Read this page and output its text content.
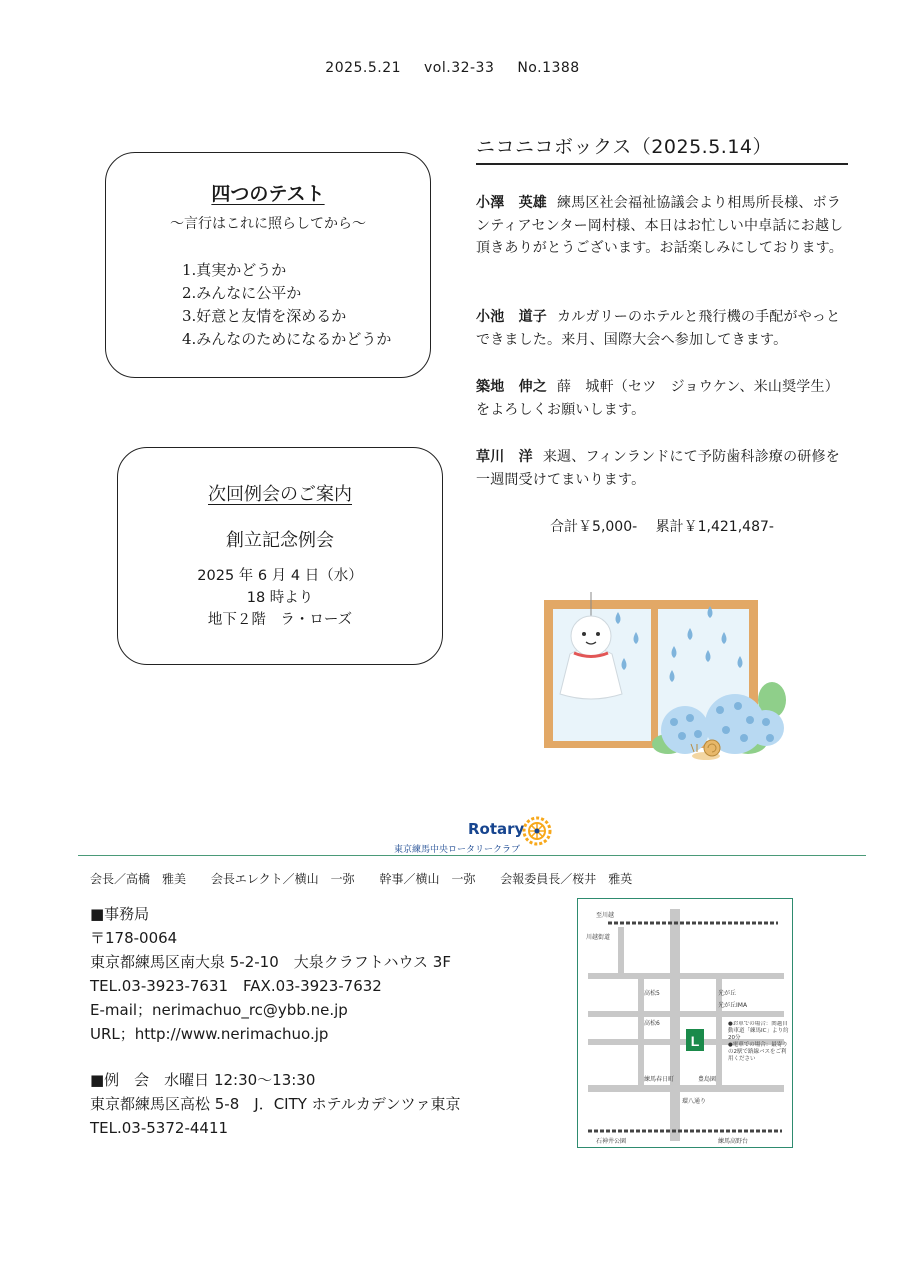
2025.5.21 vol.32-33 No.1388
四つのテスト
～言行はこれに照らしてから～
1.真実かどうか
2.みんなに公平か
3.好意と友情を深めるか
4.みんなのためになるかどうか
次回例会のご案内
創立記念例会
2025 年 6 月 4 日（水）
18 時より
地下２階　ラ・ローズ
ニコニコボックス（2025.5.14）
小澤　英雄 練馬区社会福祉協議会より相馬所長様、ボランティアセンター岡村様、本日はお忙しい中卓話にお越し頂きありがとうございます。お話楽しみにしております。
小池　道子 カルガリーのホテルと飛行機の手配がやっとできました。来月、国際大会へ参加してきます。
築地　伸之 薛　城軒（セツ　ジョウケン、米山奨学生）をよろしくお願いします。
草川　洋 来週、フィンランドにて予防歯科診療の研修を一週間受けてまいります。
合計￥5,000-　 累計￥1,421,487-
Rotary
東京練馬中央ロータリークラブ
会長／高橋　雅美 会長エレクト／横山　一弥 幹事／横山　一弥 会報委員長／桜井　雅英
■事務局
〒178-0064
東京都練馬区南大泉 5-2-10　大泉クラフトハウス 3F
TEL.03-3923-7631　FAX.03-3923-7632
E-mail；nerimachuo_rc@ybb.ne.jp
URL；http://www.nerimachuo.jp
■例　会　水曜日 12:30～13:30
東京都練馬区高松 5-8　J．CITY ホテルカデンツァ東京
TEL.03-5372-4411
L
川越街道
至川越
高松5
高松6
光が丘
光が丘IMA
練馬春日町	豊島園
環八通り
石神井公園	練馬高野台
●お車での場合：関越自動車道「練馬IC」より約20分
●電車での場合：最寄りの2駅で路線バスをご利用ください
